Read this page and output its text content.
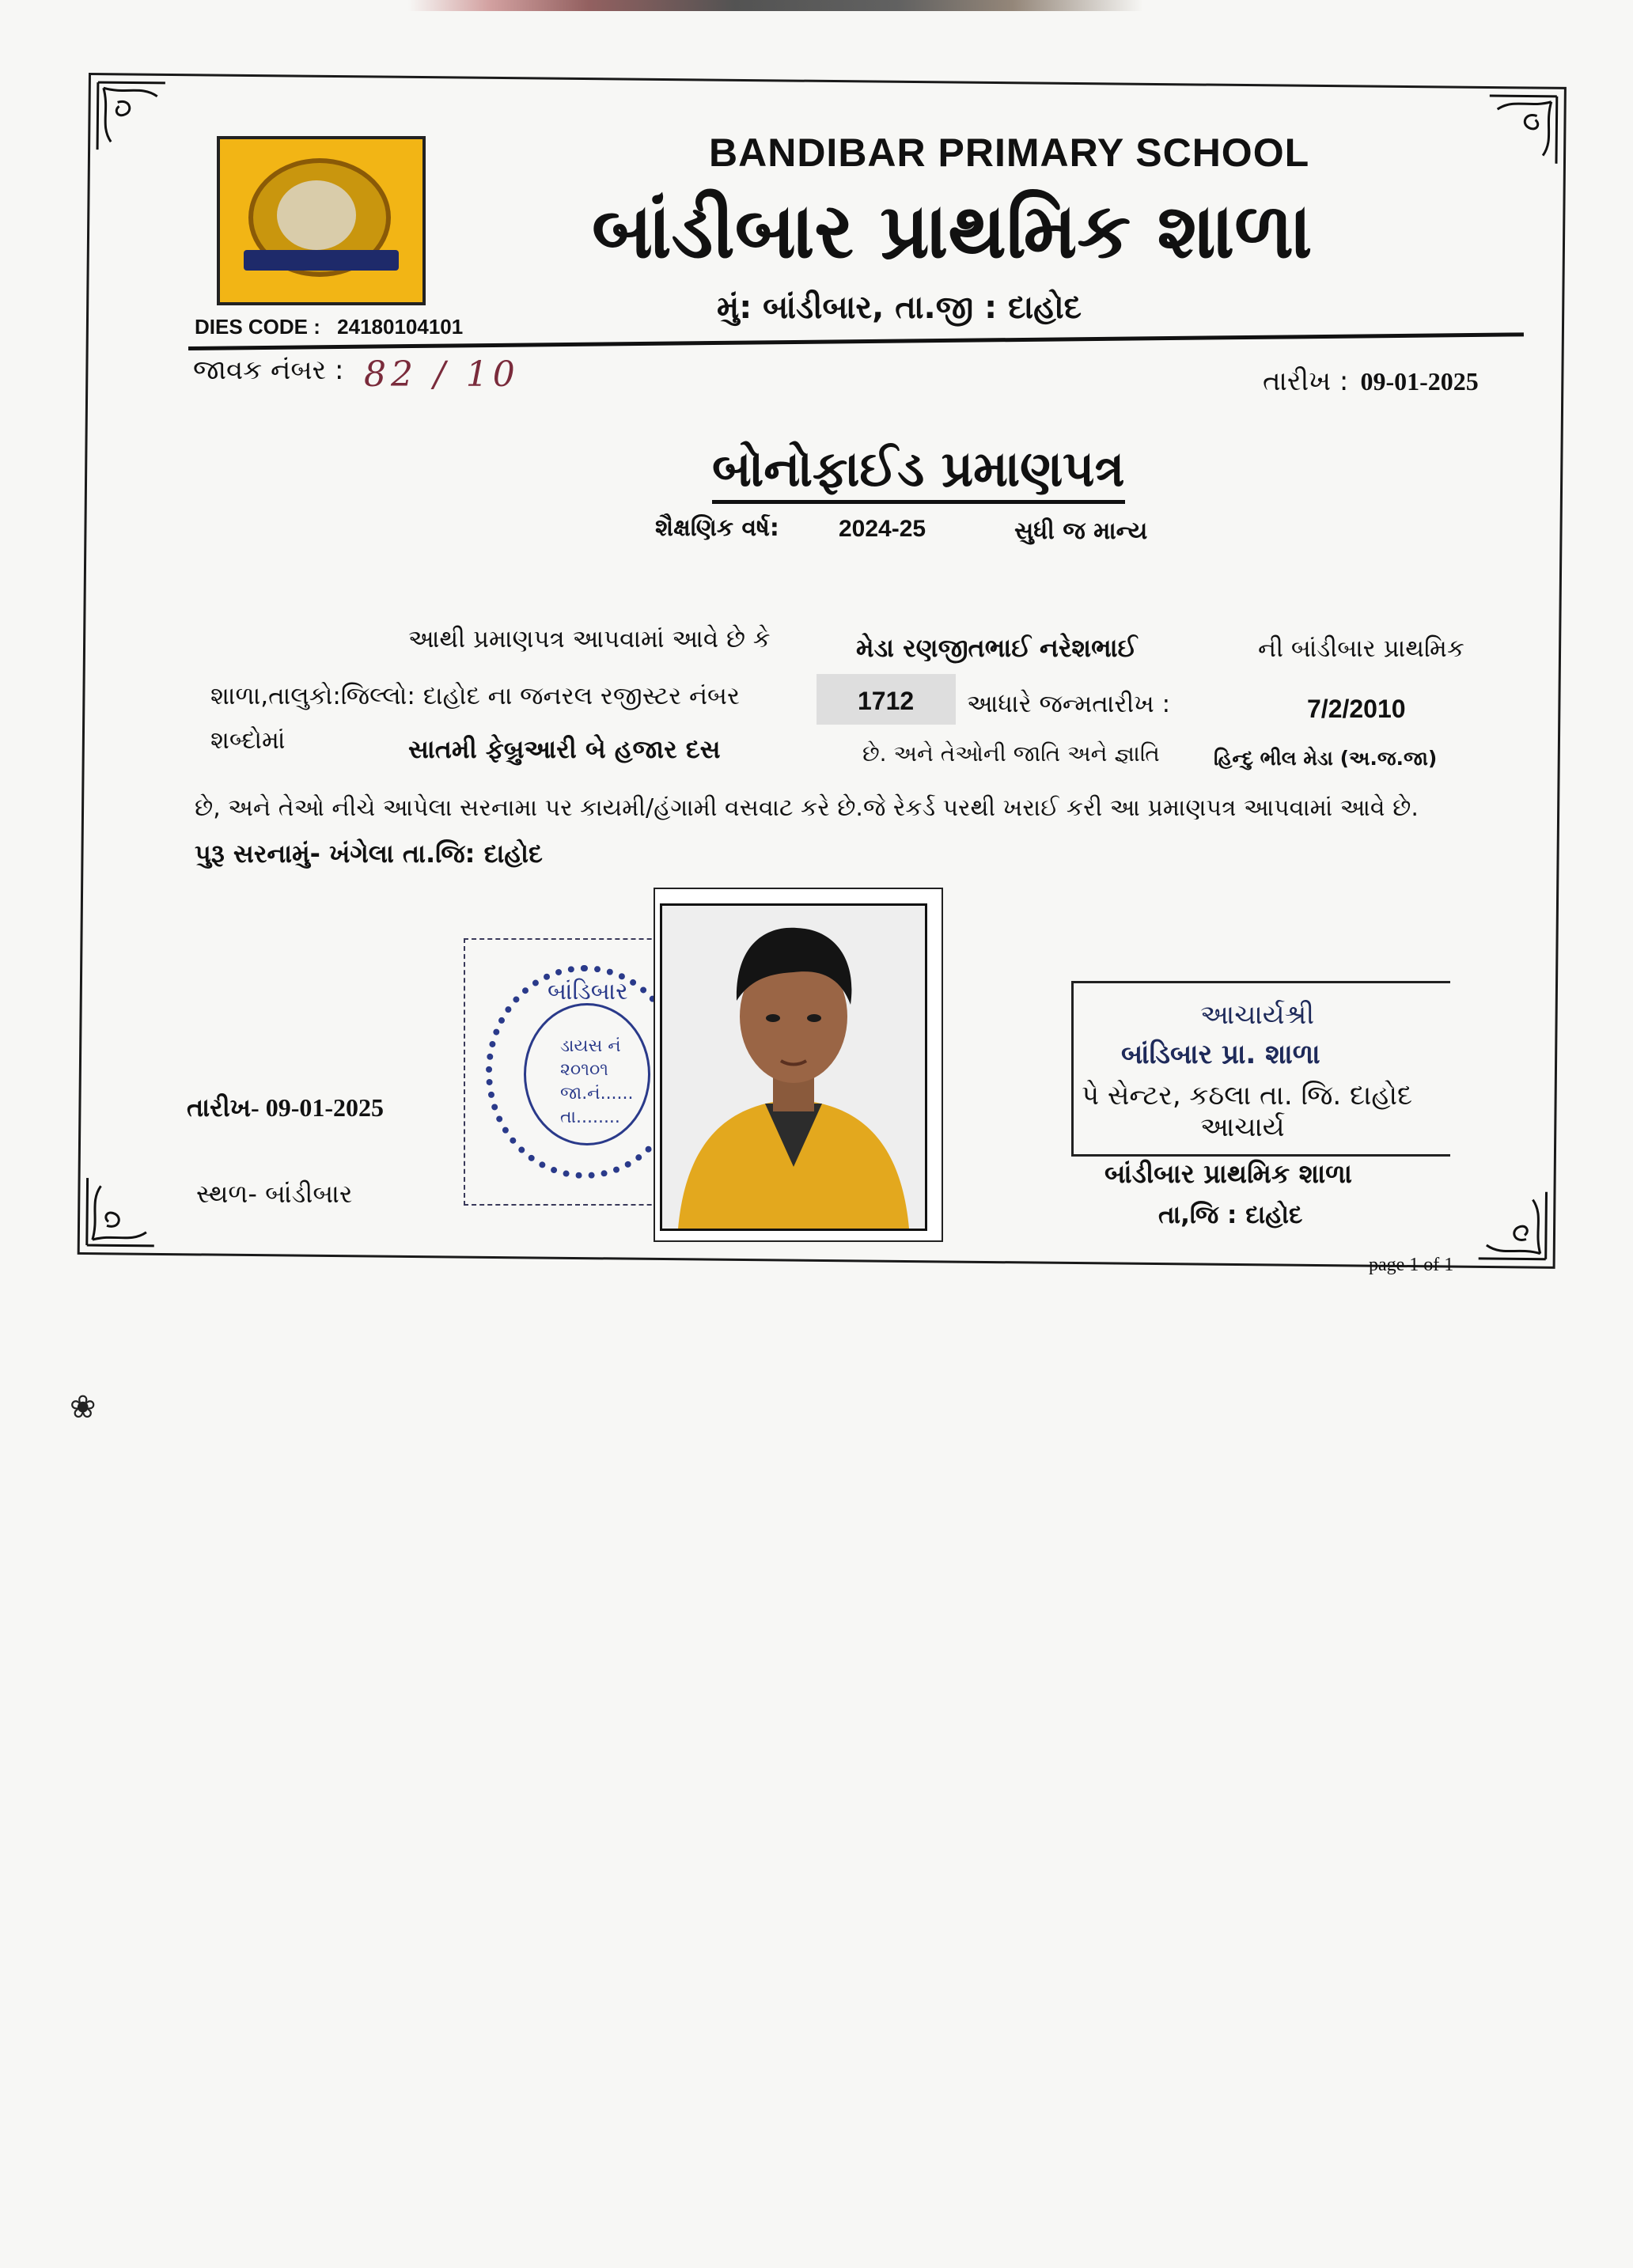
BANDIBAR PRIMARY SCHOOL
બાંડીબાર પ્રાથમિક શાળા
મું: બાંડીબાર, તા.જી : દાહોદ
DIES CODE : 24180104101
જાવક નંબર : 82 / 10	તારીખ : 09-01-2025
બોનોફાઈડ પ્રમાણપત્ર
શૈક્ષણિક વર્ષ:	2024-25	સુધી જ માન્ય
આથી પ્રમાણપત્ર આપવામાં આવે છે કે	મેડા રણજીતભાઈ નરેશભાઈ	ની બાંડીબાર પ્રાથમિક
શાળા,તાલુકો:જિલ્લો: દાહોદ ના જનરલ રજીસ્ટર નંબર	1712 આધારે જન્મતારીખ :	7/2/2010
શબ્દોમાં	સાતમી ફેબ્રુઆરી બે હજાર દસ	છે. અને તેઓની જાતિ અને જ્ઞાતિ	હિન્દુ ભીલ મેડા (અ.જ.જા)
છે, અને તેઓ નીચે આપેલા સરનામા પર કાયમી/હંગામી વસવાટ કરે છે.જે રેકર્ડ પરથી ખરાઈ કરી આ પ્રમાણપત્ર આપવામાં આવે છે.
પુરૂ સરનામું- ખંગેલા તા.જિ: દાહોદ
બાંડિબાર
ડાયસ નં
૨૦૧૦૧
જા.નં......
તા........
આચાર્યશ્રી
બાંડિબાર પ્રા. શાળા
પે સેન્ટર, કઠલા તા. જિ. દાહોદ
આચાર્ય
બાંડીબાર પ્રાથમિક શાળા
તા,જિ : દાહોદ
તારીખ- 09-01-2025
સ્થળ- બાંડીબાર
page 1 of 1
❀
